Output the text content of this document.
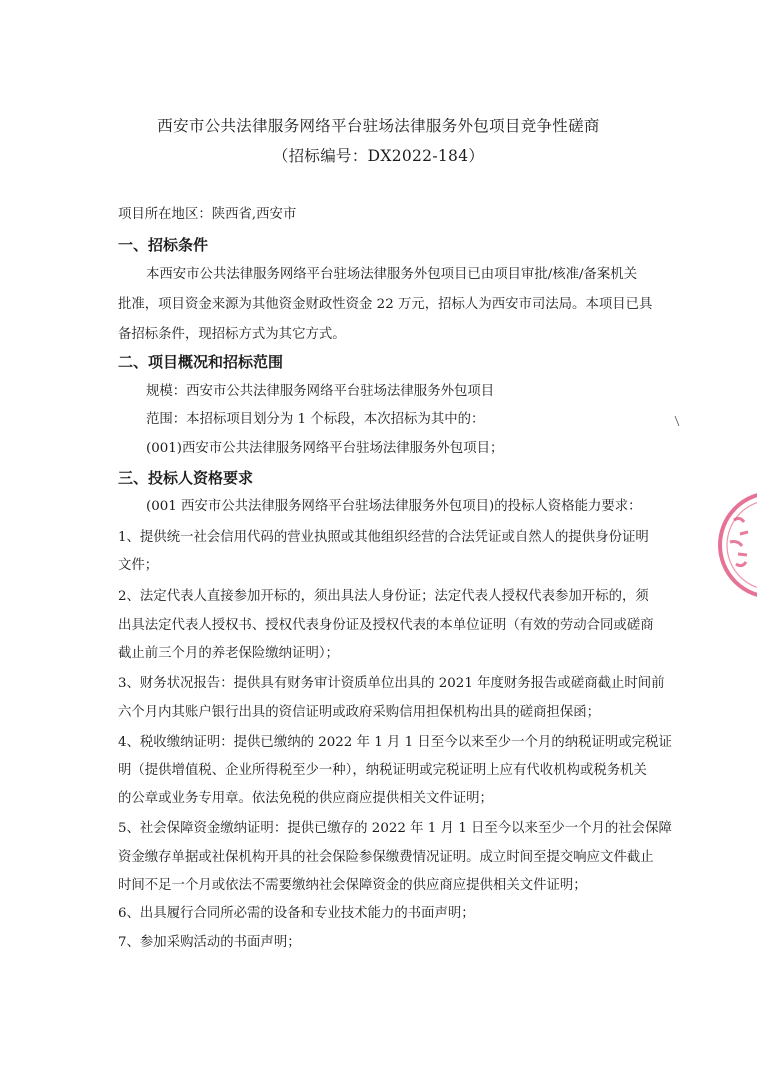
西安市公共法律服务网络平台驻场法律服务外包项目竞争性磋商
（招标编号：DX2022-184）
项目所在地区：陕西省,西安市
一、招标条件
本西安市公共法律服务网络平台驻场法律服务外包项目已由项目审批/核准/备案机关
批准，项目资金来源为其他资金财政性资金 22 万元，招标人为西安市司法局。本项目已具
备招标条件，现招标方式为其它方式。
二、项目概况和招标范围
规模：西安市公共法律服务网络平台驻场法律服务外包项目
范围：本招标项目划分为 1 个标段，本次招标为其中的：
(001)西安市公共法律服务网络平台驻场法律服务外包项目；
三、投标人资格要求
(001 西安市公共法律服务网络平台驻场法律服务外包项目)的投标人资格能力要求：
1、提供统一社会信用代码的营业执照或其他组织经营的合法凭证或自然人的提供身份证明
文件；
2、法定代表人直接参加开标的，须出具法人身份证；法定代表人授权代表参加开标的，须
出具法定代表人授权书、授权代表身份证及授权代表的本单位证明（有效的劳动合同或磋商
截止前三个月的养老保险缴纳证明）；
3、财务状况报告：提供具有财务审计资质单位出具的 2021 年度财务报告或磋商截止时间前
六个月内其账户银行出具的资信证明或政府采购信用担保机构出具的磋商担保函；
4、税收缴纳证明：提供已缴纳的 2022 年 1 月 1 日至今以来至少一个月的纳税证明或完税证
明（提供增值税、企业所得税至少一种），纳税证明或完税证明上应有代收机构或税务机关
的公章或业务专用章。依法免税的供应商应提供相关文件证明；
5、社会保障资金缴纳证明：提供已缴存的 2022 年 1 月 1 日至今以来至少一个月的社会保障
资金缴存单据或社保机构开具的社会保险参保缴费情况证明。成立时间至提交响应文件截止
时间不足一个月或依法不需要缴纳社会保障资金的供应商应提供相关文件证明；
6、出具履行合同所必需的设备和专业技术能力的书面声明；
7、参加采购活动的书面声明；
